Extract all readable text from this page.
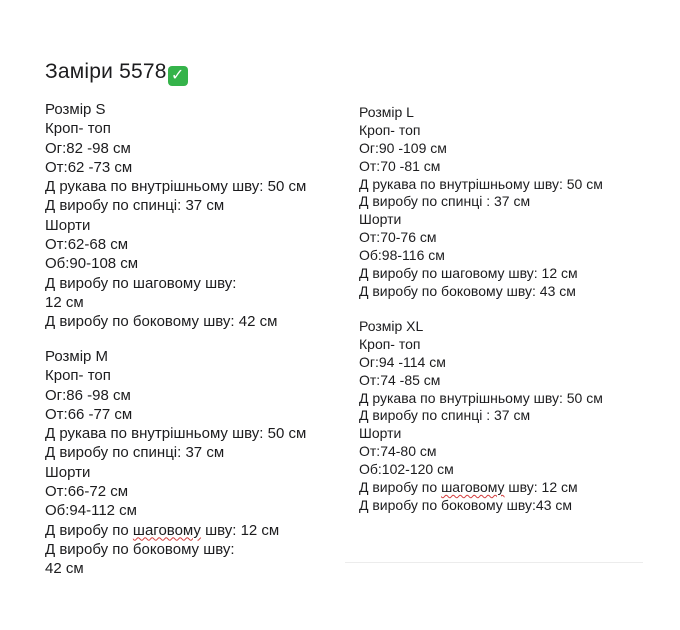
Заміри 5578 ✓
Розмір S
Кроп- топ
Ог:82 -98 см
От:62 -73 см
Д рукава по внутрішньому шву: 50 см
Д виробу по спинці: 37 см
Шорти
От:62-68 см
Об:90-108 см
Д виробу по шаговому шву:
12 см
Д виробу по боковому шву: 42 см
Розмір M
Кроп- топ
Ог:86 -98 см
От:66 -77 см
Д рукава по внутрішньому шву: 50 см
Д виробу по спинці: 37 см
Шорти
От:66-72 см
Об:94-112 см
Д виробу по шаговому шву: 12 см
Д виробу по боковому шву:
42 см
Розмір L
Кроп- топ
Ог:90 -109 см
От:70 -81 см
Д рукава по внутрішньому шву: 50 см
Д виробу по спинці : 37 см
Шорти
От:70-76 см
Об:98-116 см
Д виробу по шаговому шву: 12 см
Д виробу по боковому шву: 43 см
Розмір XL
Кроп- топ
Ог:94 -114 см
От:74 -85 см
Д рукава по внутрішньому шву: 50 см
Д виробу по спинці : 37 см
Шорти
От:74-80 см
Об:102-120 см
Д виробу по шаговому шву: 12 см
Д виробу по боковому шву:43 см
